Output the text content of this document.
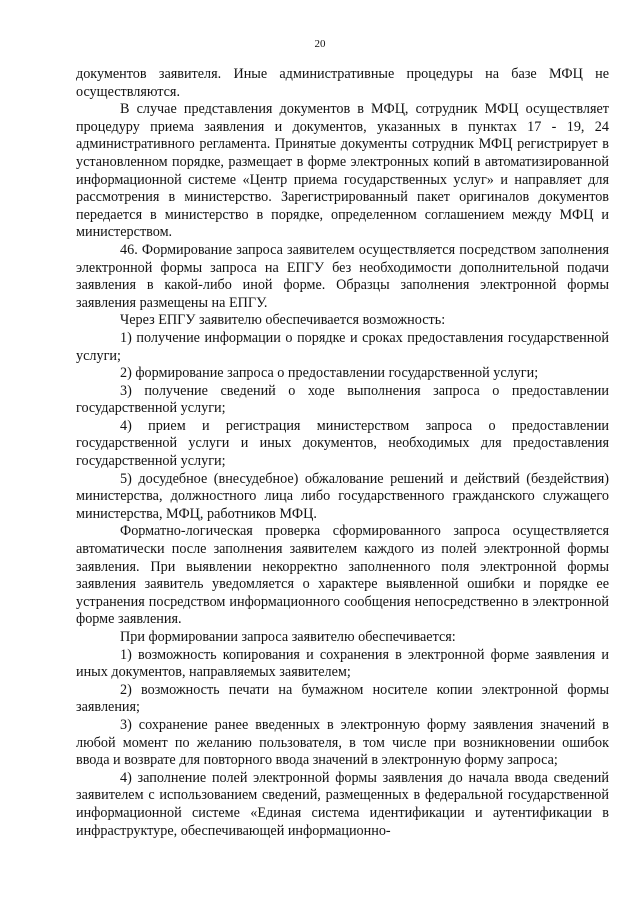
20

документов заявителя. Иные административные процедуры на базе МФЦ не осуществляются.

В случае представления документов в МФЦ, сотрудник МФЦ осуществляет процедуру приема заявления и документов, указанных в пунктах 17 - 19, 24 административного регламента. Принятые документы сотрудник МФЦ регистрирует в установленном порядке, размещает в форме электронных копий в автоматизированной информационной системе «Центр приема государственных услуг» и направляет для рассмотрения в министерство. Зарегистрированный пакет оригиналов документов передается в министерство в порядке, определенном соглашением между МФЦ и министерством.

46. Формирование запроса заявителем осуществляется посредством заполнения электронной формы запроса на ЕПГУ без необходимости дополнительной подачи заявления в какой-либо иной форме. Образцы заполнения электронной формы заявления размещены на ЕПГУ.

Через ЕПГУ заявителю обеспечивается возможность:

1) получение информации о порядке и сроках предоставления государственной услуги;

2) формирование запроса о предоставлении государственной услуги;

3) получение сведений о ходе выполнения запроса о предоставлении государственной услуги;

4) прием и регистрация министерством запроса о предоставлении государственной услуги и иных документов, необходимых для предоставления государственной услуги;

5) досудебное (внесудебное) обжалование решений и действий (бездействия) министерства, должностного лица либо государственного гражданского служащего министерства, МФЦ, работников МФЦ.

Форматно-логическая проверка сформированного запроса осуществляется автоматически после заполнения заявителем каждого из полей электронной формы заявления. При выявлении некорректно заполненного поля электронной формы заявления заявитель уведомляется о характере выявленной ошибки и порядке ее устранения посредством информационного сообщения непосредственно в электронной форме заявления.

При формировании запроса заявителю обеспечивается:

1) возможность копирования и сохранения в электронной форме заявления и иных документов, направляемых заявителем;

2) возможность печати на бумажном носителе копии электронной формы заявления;

3) сохранение ранее введенных в электронную форму заявления значений в любой момент по желанию пользователя, в том числе при возникновении ошибок ввода и возврате для повторного ввода значений в электронную форму запроса;

4) заполнение полей электронной формы заявления до начала ввода сведений заявителем с использованием сведений, размещенных в федеральной государственной информационной системе «Единая система идентификации и аутентификации в инфраструктуре, обеспечивающей информационно-
